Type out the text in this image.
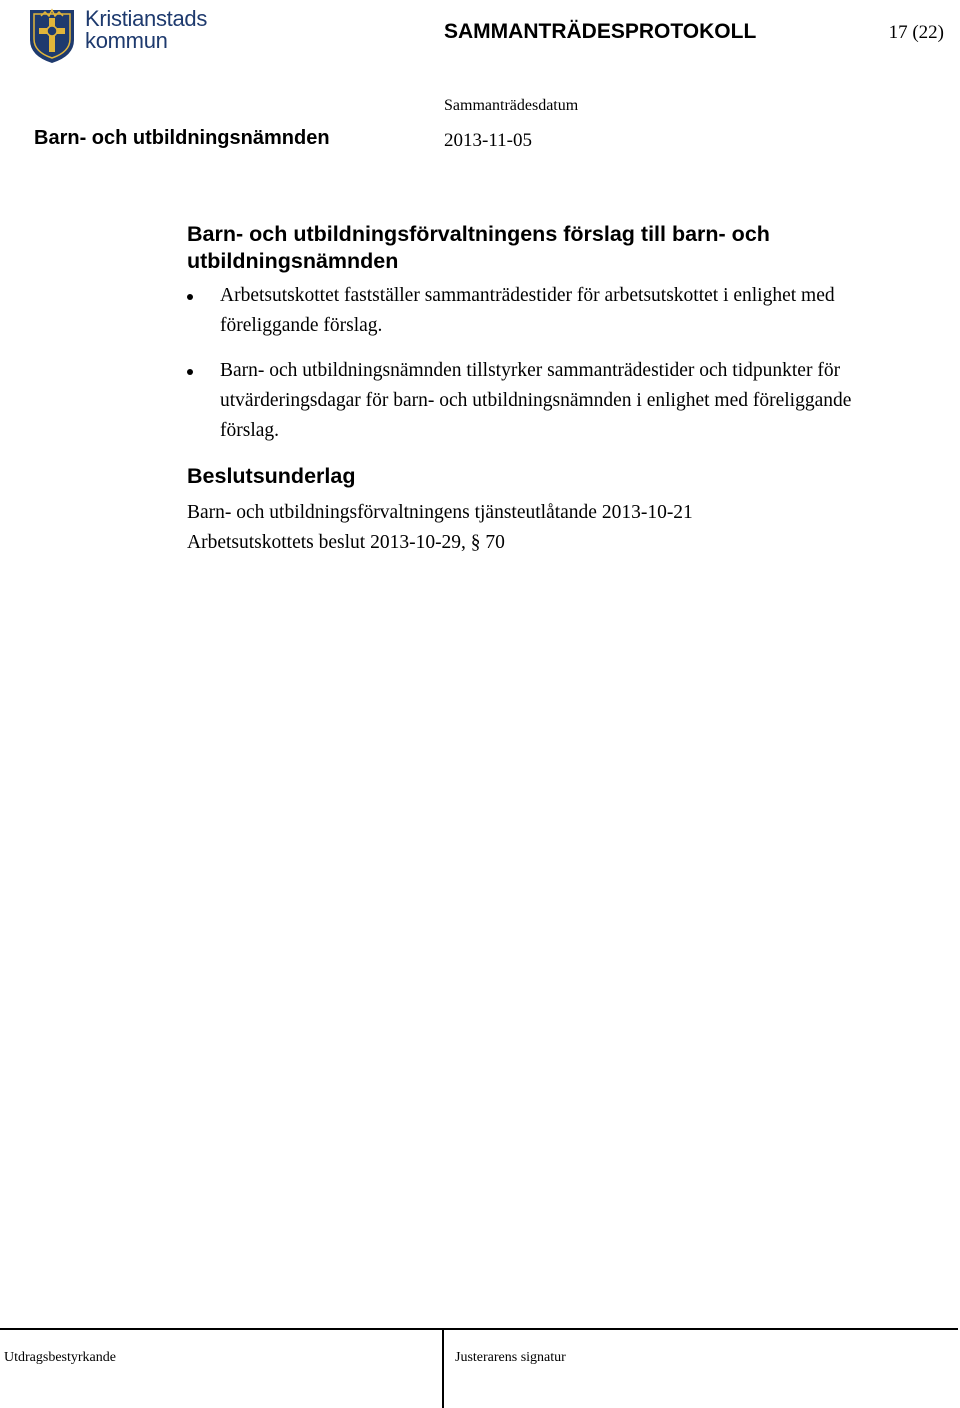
Kristianstads
kommun	SAMMANTRÄDESPROTOKOLL	17 (22)
Sammanträdesdatum
Barn- och utbildningsnämnden	2013-11-05
Barn- och utbildningsförvaltningens förslag till barn- och utbildningsnämnden
Arbetsutskottet fastställer sammanträdestider för arbetsutskottet i enlighet med föreliggande förslag.
Barn- och utbildningsnämnden tillstyrker sammanträdestider och tidpunkter för utvärderingsdagar för barn- och utbildningsnämnden i enlighet med föreliggande förslag.
Beslutsunderlag

Barn- och utbildningsförvaltningens tjänsteutlåtande 2013-10-21

Arbetsutskottets beslut 2013-10-29, § 70

Utdragsbestyrkande	Justerarens signatur
